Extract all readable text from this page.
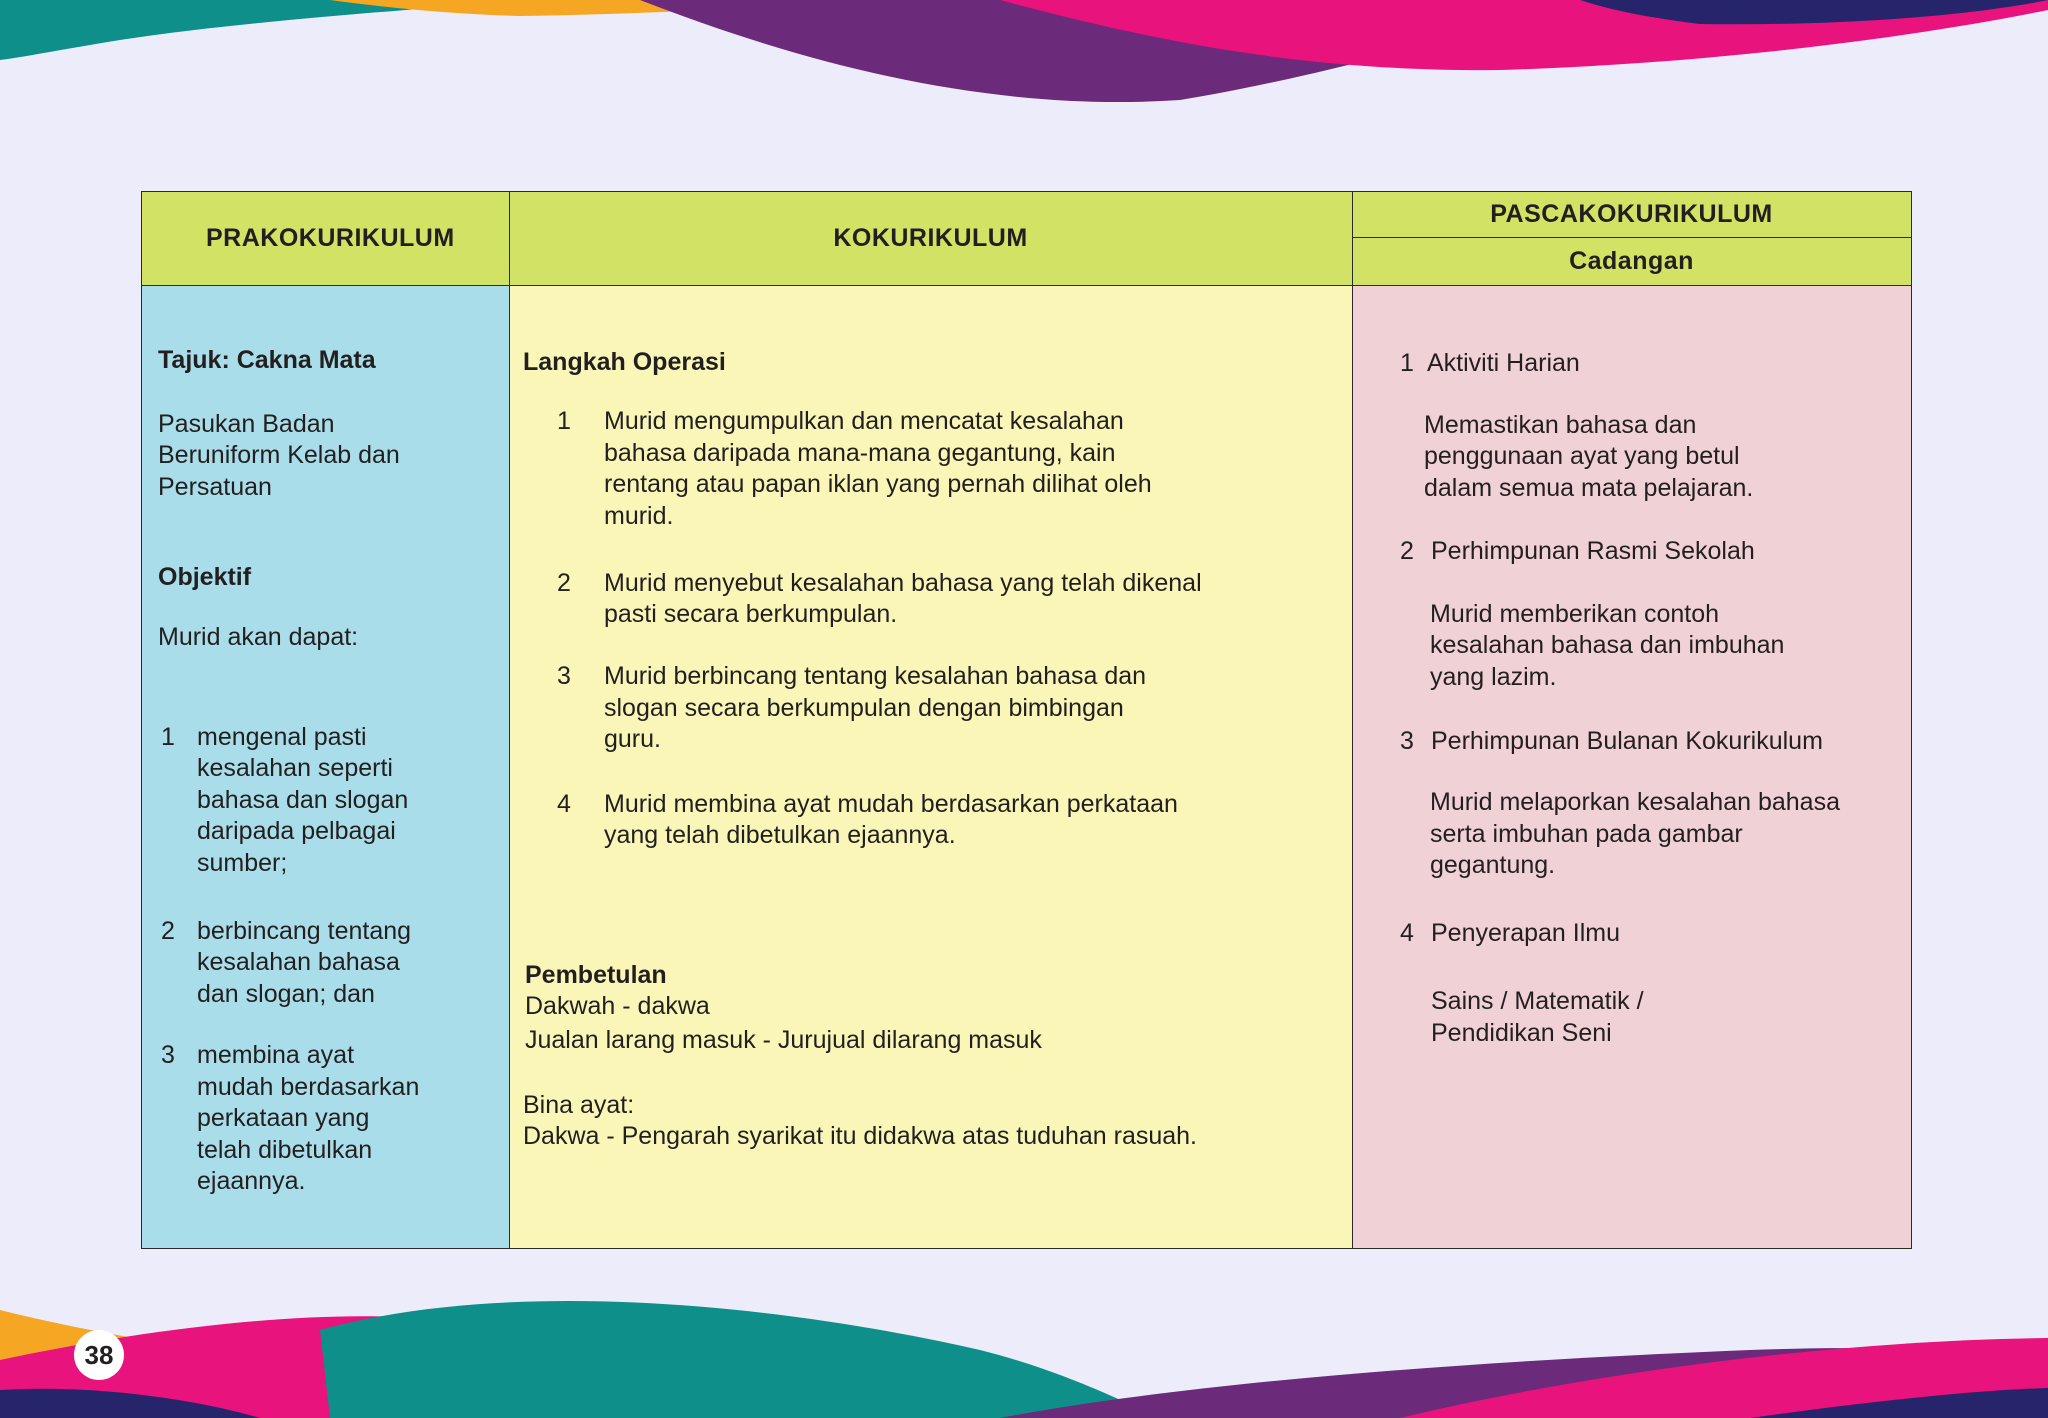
38
PRAKOKURIKULUM	KOKURIKULUM
PASCAKOKURIKULUM
Cadangan
Tajuk: Cakna Mata
Pasukan Badan
Beruniform Kelab dan
Persatuan
Objektif
Murid akan dapat:
1 mengenal pasti
kesalahan seperti
bahasa dan slogan
daripada pelbagai
sumber;
2 berbincang tentang
kesalahan bahasa
dan slogan; dan
3 membina ayat
mudah berdasarkan
perkataan yang
telah dibetulkan
ejaannya.
Langkah Operasi
1 Murid mengumpulkan dan mencatat kesalahan
bahasa daripada mana-mana gegantung, kain
rentang atau papan iklan yang pernah dilihat oleh
murid.
2 Murid menyebut kesalahan bahasa yang telah dikenal
pasti secara berkumpulan.
3 Murid berbincang tentang kesalahan bahasa dan
slogan secara berkumpulan dengan bimbingan
guru.
4 Murid membina ayat mudah berdasarkan perkataan
yang telah dibetulkan ejaannya.
Pembetulan
Dakwah - dakwa
Jualan larang masuk - Jurujual dilarang masuk
Bina ayat:
Dakwa - Pengarah syarikat itu didakwa atas tuduhan rasuah.
1 Aktiviti Harian
Memastikan bahasa dan
penggunaan ayat yang betul
dalam semua mata pelajaran.
2 Perhimpunan Rasmi Sekolah
Murid memberikan contoh
kesalahan bahasa dan imbuhan
yang lazim.
3 Perhimpunan Bulanan Kokurikulum
Murid melaporkan kesalahan bahasa
serta imbuhan pada gambar
gegantung.
4 Penyerapan Ilmu
Sains / Matematik /
Pendidikan Seni
